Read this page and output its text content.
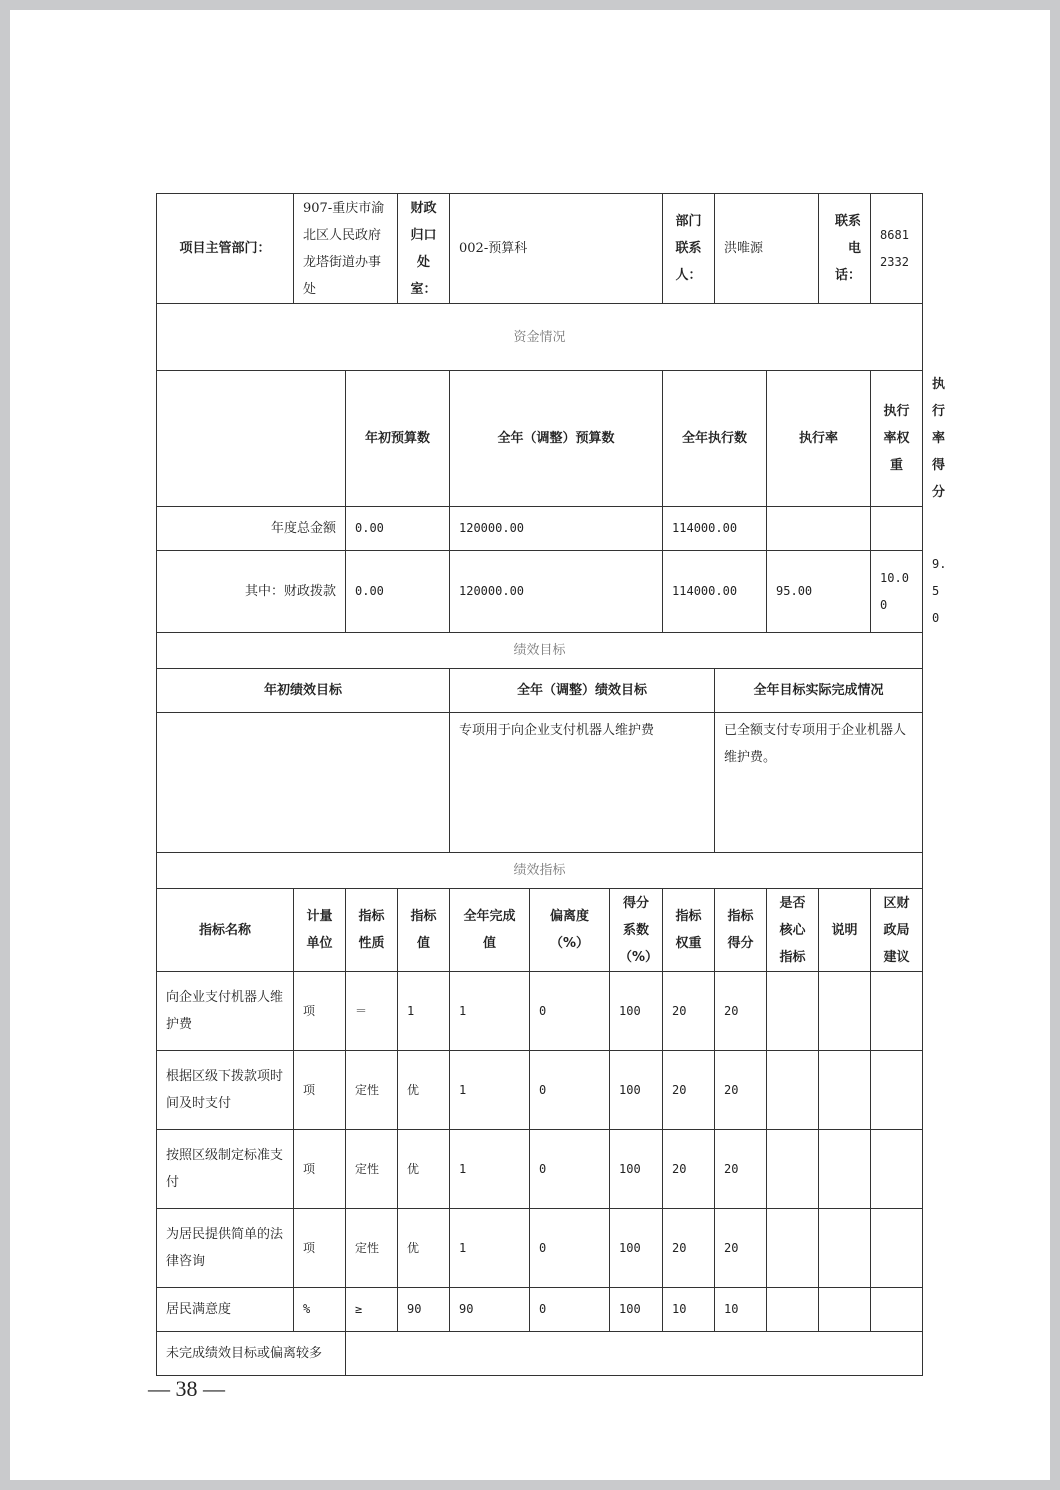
项目主管部门：	907-重庆市渝北区人民政府龙塔街道办事处		财政归口处室：	002-预算科			部门联系人：	洪唯源		联系电话：	86812332	
资金情况												
		年初预算数		全年（调整）预算数			全年执行数		执行率		执行率权重	执行率得分
年度总金额		0.00		120000.00			114000.00					
其中：财政拨款		0.00		120000.00			114000.00		95.00		10.00	9.50
绩效目标												
年初绩效目标				全年（调整）绩效目标				全年目标实际完成情况				
				专项用于向企业支付机器人维护费				已全额支付专项用于企业机器人维护费。				
绩效指标												
指标名称	计量单位	指标性质	指标值	全年完成值	偏离度（%）	得分系数（%）	指标权重	指标得分	是否核心指标	说明	区财政局建议	
向企业支付机器人维护费	项	＝	1	1	0	100	20	20				
根据区级下拨款项时间及时支付	项	定性	优	1	0	100	20	20				
按照区级制定标准支付	项	定性	优	1	0	100	20	20				
为居民提供简单的法律咨询	项	定性	优	1	0	100	20	20				
居民满意度	%	≥	90	90	0	100	10	10				
未完成绩效目标或偏离较多												
— 38 —
